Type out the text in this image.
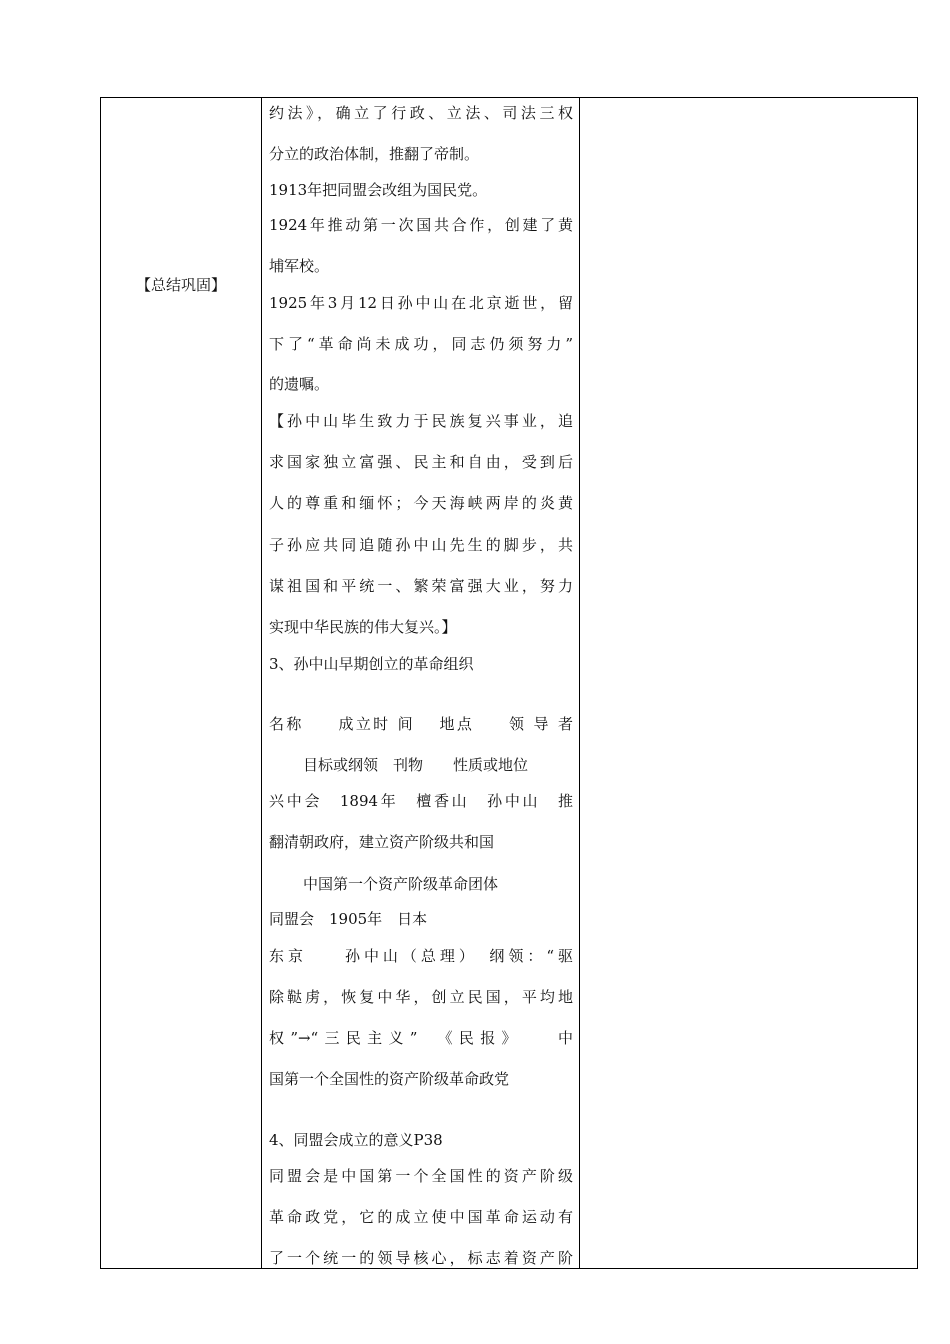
【总结巩固】
约法》，确立了行政、立法、司法三权
分立的政治体制，推翻了帝制。
1913年把同盟会改组为国民党。
1924年推动第一次国共合作，创建了黄
埔军校。
1925年3月12日孙中山在北京逝世，留
下了“革命尚未成功，同志仍须努力”
的遗嘱。
【孙中山毕生致力于民族复兴事业，追
求国家独立富强、民主和自由，受到后
人的尊重和缅怀；今天海峡两岸的炎黄
子孙应共同追随孙中山先生的脚步，共
谋祖国和平统一、繁荣富强大业，努力
实现中华民族的伟大复兴。】
3、孙中山早期创立的革命组织
名称　　成立时 间　 地点　　领 导 者
目标或纲领　刊物　　性质或地位
兴中会　1894年　檀香山　孙中山　推
翻清朝政府，建立资产阶级共和国
中国第一个资产阶级革命团体
同盟会　1905年　日本
东京　　孙中山（总理）　纲领：“驱
除鞑虏，恢复中华，创立民国，平均地
权”→“三民主义”　《民报》　　中
国第一个全国性的资产阶级革命政党
4、同盟会成立的意义P38
同盟会是中国第一个全国性的资产阶级
革命政党，它的成立使中国革命运动有
了一个统一的领导核心，标志着资产阶
